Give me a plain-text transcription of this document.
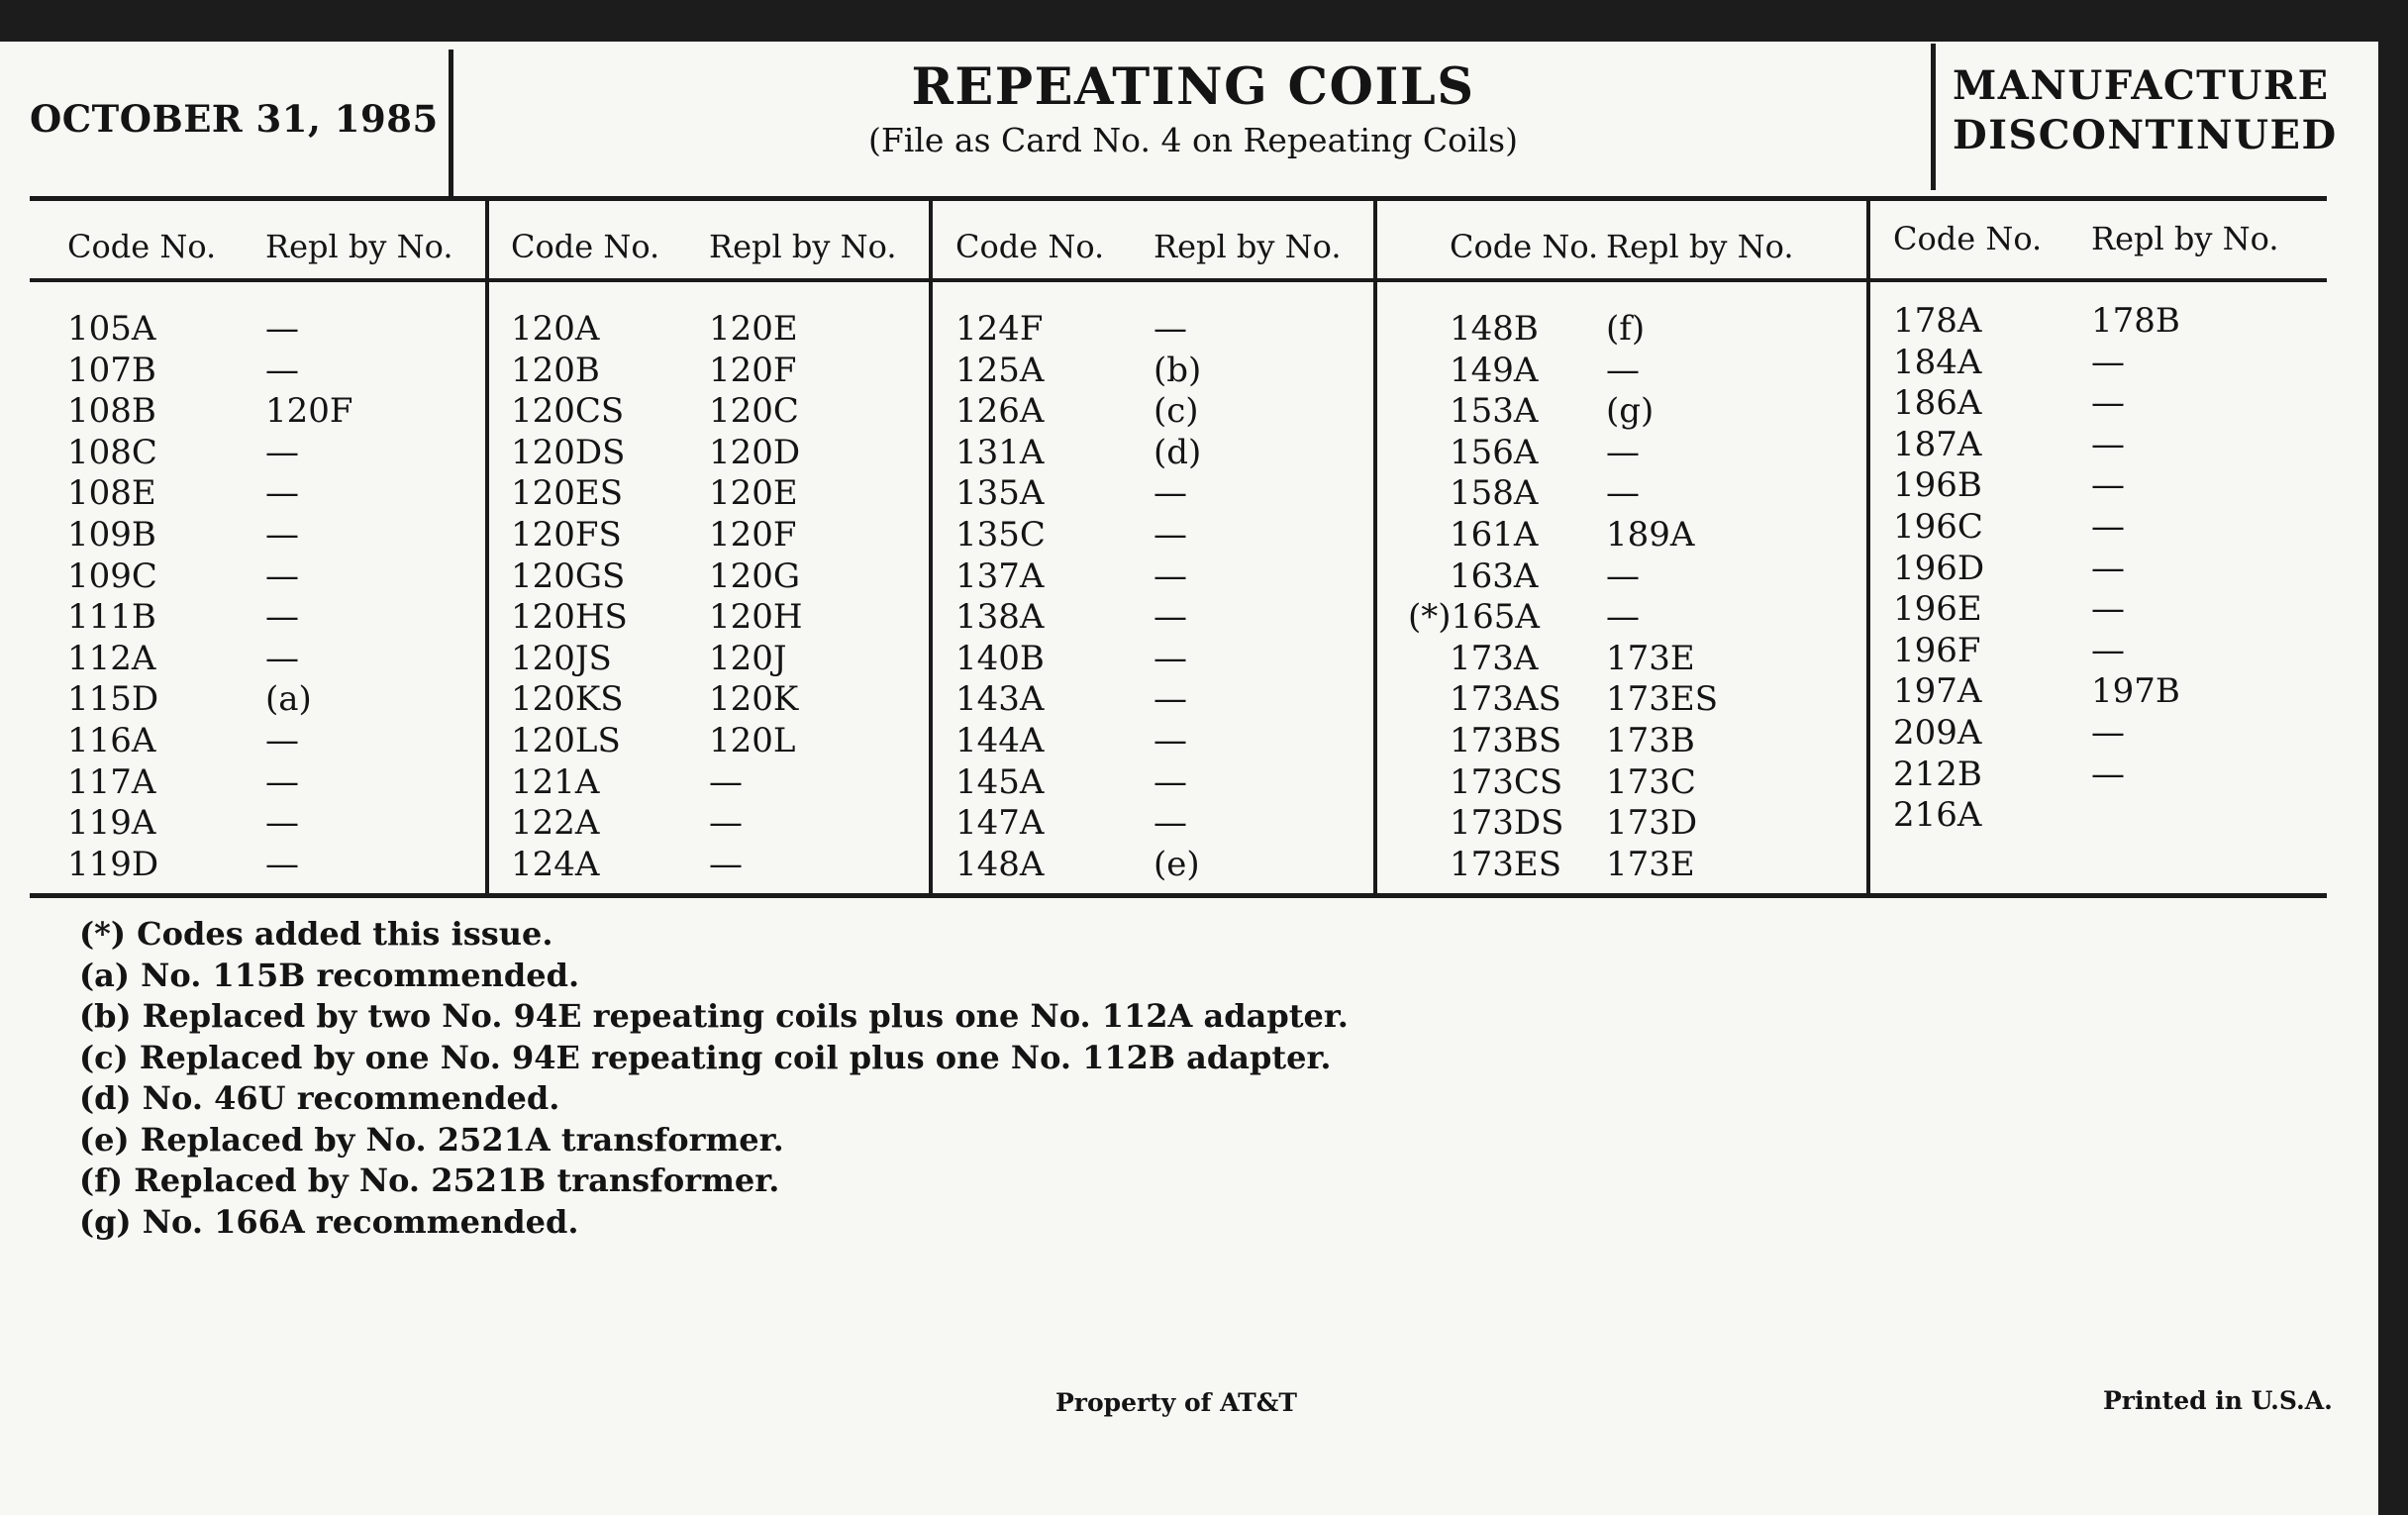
OCTOBER 31, 1985
REPEATING COILS
(File as Card No. 4 on Repeating Coils)
MANUFACTURE
DISCONTINUED
Code No.	Repl by No.
105A	—
107B	—
108B	120F
108C	—
108E	—
109B	—
109C	—
111B	—
112A	—
115D	(a)
116A	—
117A	—
119A	—
119D	—
Code No.	Repl by No.
120A	120E
120B	120F
120CS	120C
120DS	120D
120ES	120E
120FS	120F
120GS	120G
120HS	120H
120JS	120J
120KS	120K
120LS	120L
121A	—
122A	—
124A	—
Code No.	Repl by No.
124F	—
125A	(b)
126A	(c)
131A	(d)
135A	—
135C	—
137A	—
138A	—
140B	—
143A	—
144A	—
145A	—
147A	—
148A	(e)
Code No. Repl by No.
148B	(f)
149A	—
153A	(g)
156A	—
158A	—
161A	189A
163A	—
(*)165A	—
173A	173E
173AS	173ES
173BS	173B
173CS	173C
173DS	173D
173ES	173E
Code No.	Repl by No.
178A	178B
184A	—
186A	—
187A	—
196B	—
196C	—
196D	—
196E	—
196F	—
197A	197B
209A	—
212B	—
216A
(*) Codes added this issue.
(a) No. 115B recommended.
(b) Replaced by two No. 94E repeating coils plus one No. 112A adapter.
(c) Replaced by one No. 94E repeating coil plus one No. 112B adapter.
(d) No. 46U recommended.
(e) Replaced by No. 2521A transformer.
(f) Replaced by No. 2521B transformer.
(g) No. 166A recommended.
Property of AT&T	Printed in U.S.A.
